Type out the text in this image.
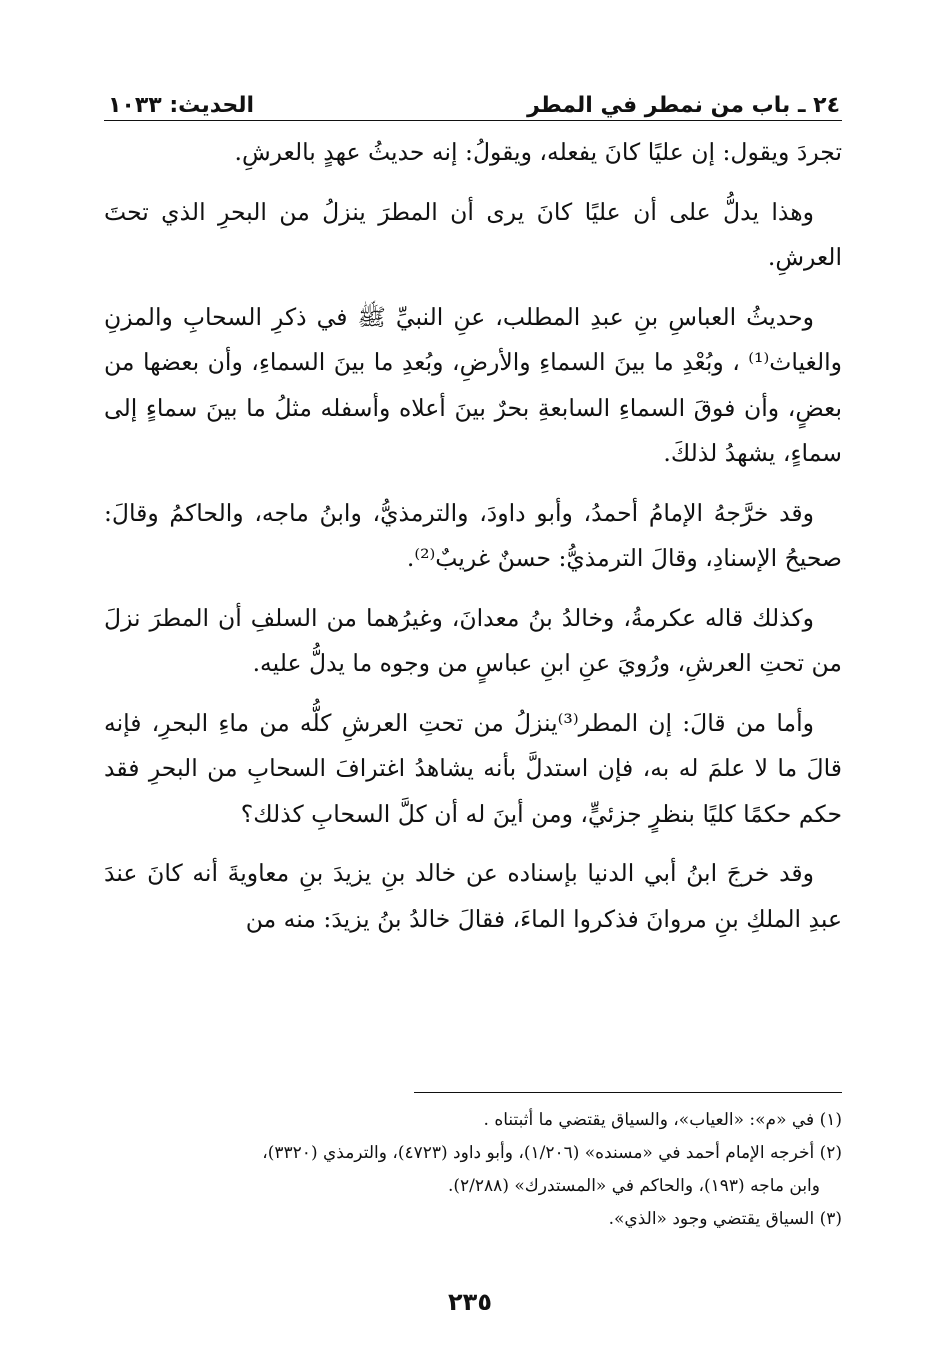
٢٤ ـ باب من نمطر في المطر
الحديث: ١٠٣٣

تجردَ ويقول: إن عليًا كانَ يفعله، ويقولُ: إنه حديثُ عهدٍ بالعرشِ.

وهذا يدلُّ على أن عليًا كانَ يرى أن المطرَ ينزلُ من البحرِ الذي تحتَ العرشِ.

وحديثُ العباسِ بنِ عبدِ المطلب، عنِ النبيِّ ﷺ في ذكرِ السحابِ والمزنِ والغياث⁽¹⁾ ، وبُعْدِ ما بينَ السماءِ والأرضِ، وبُعدِ ما بينَ السماءِ، وأن بعضها من بعضٍ، وأن فوقَ السماءِ السابعةِ بحرٌ بينَ أعلاه وأسفله مثلُ ما بينَ سماءٍ إلى سماءٍ، يشهدُ لذلكَ.

وقد خرَّجهُ الإمامُ أحمدُ، وأبو داودَ، والترمذيُّ، وابنُ ماجه، والحاكمُ وقالَ: صحيحُ الإسنادِ، وقالَ الترمذيُّ: حسنٌ غريبٌ⁽²⁾.

وكذلك قاله عكرمةُ، وخالدُ بنُ معدانَ، وغيرُهما من السلفِ أن المطرَ نزلَ من تحتِ العرشِ، ورُويَ عنِ ابنِ عباسٍ من وجوه ما يدلُّ عليه.

وأما من قالَ: إن المطر⁽³⁾ينزلُ من تحتِ العرشِ كلُّه من ماءِ البحرِ، فإنه قالَ ما لا علمَ له به، فإن استدلَّ بأنه يشاهدُ اغترافَ السحابِ من البحرِ فقد حكم حكمًا كليًا بنظرٍ جزئيٍّ، ومن أينَ له أن كلَّ السحابِ كذلك؟

وقد خرجَ ابنُ أبي الدنيا بإسناده عن خالد بنِ يزيدَ بنِ معاويةَ أنه كانَ عندَ عبدِ الملكِ بنِ مروانَ فذكروا الماءَ، فقالَ خالدُ بنُ يزيدَ: منه من

(١) في «م»: «العياب»، والسياق يقتضي ما أثبتناه .

(٢) أخرجه الإمام أحمد في «مسنده» (١/٢٠٦)، وأبو داود (٤٧٢٣)، والترمذي (٣٣٢٠)،

وابن ماجه (١٩٣)، والحاكم في «المستدرك» (٢/٢٨٨).

(٣) السياق يقتضي وجود «الذي».

٢٣٥
